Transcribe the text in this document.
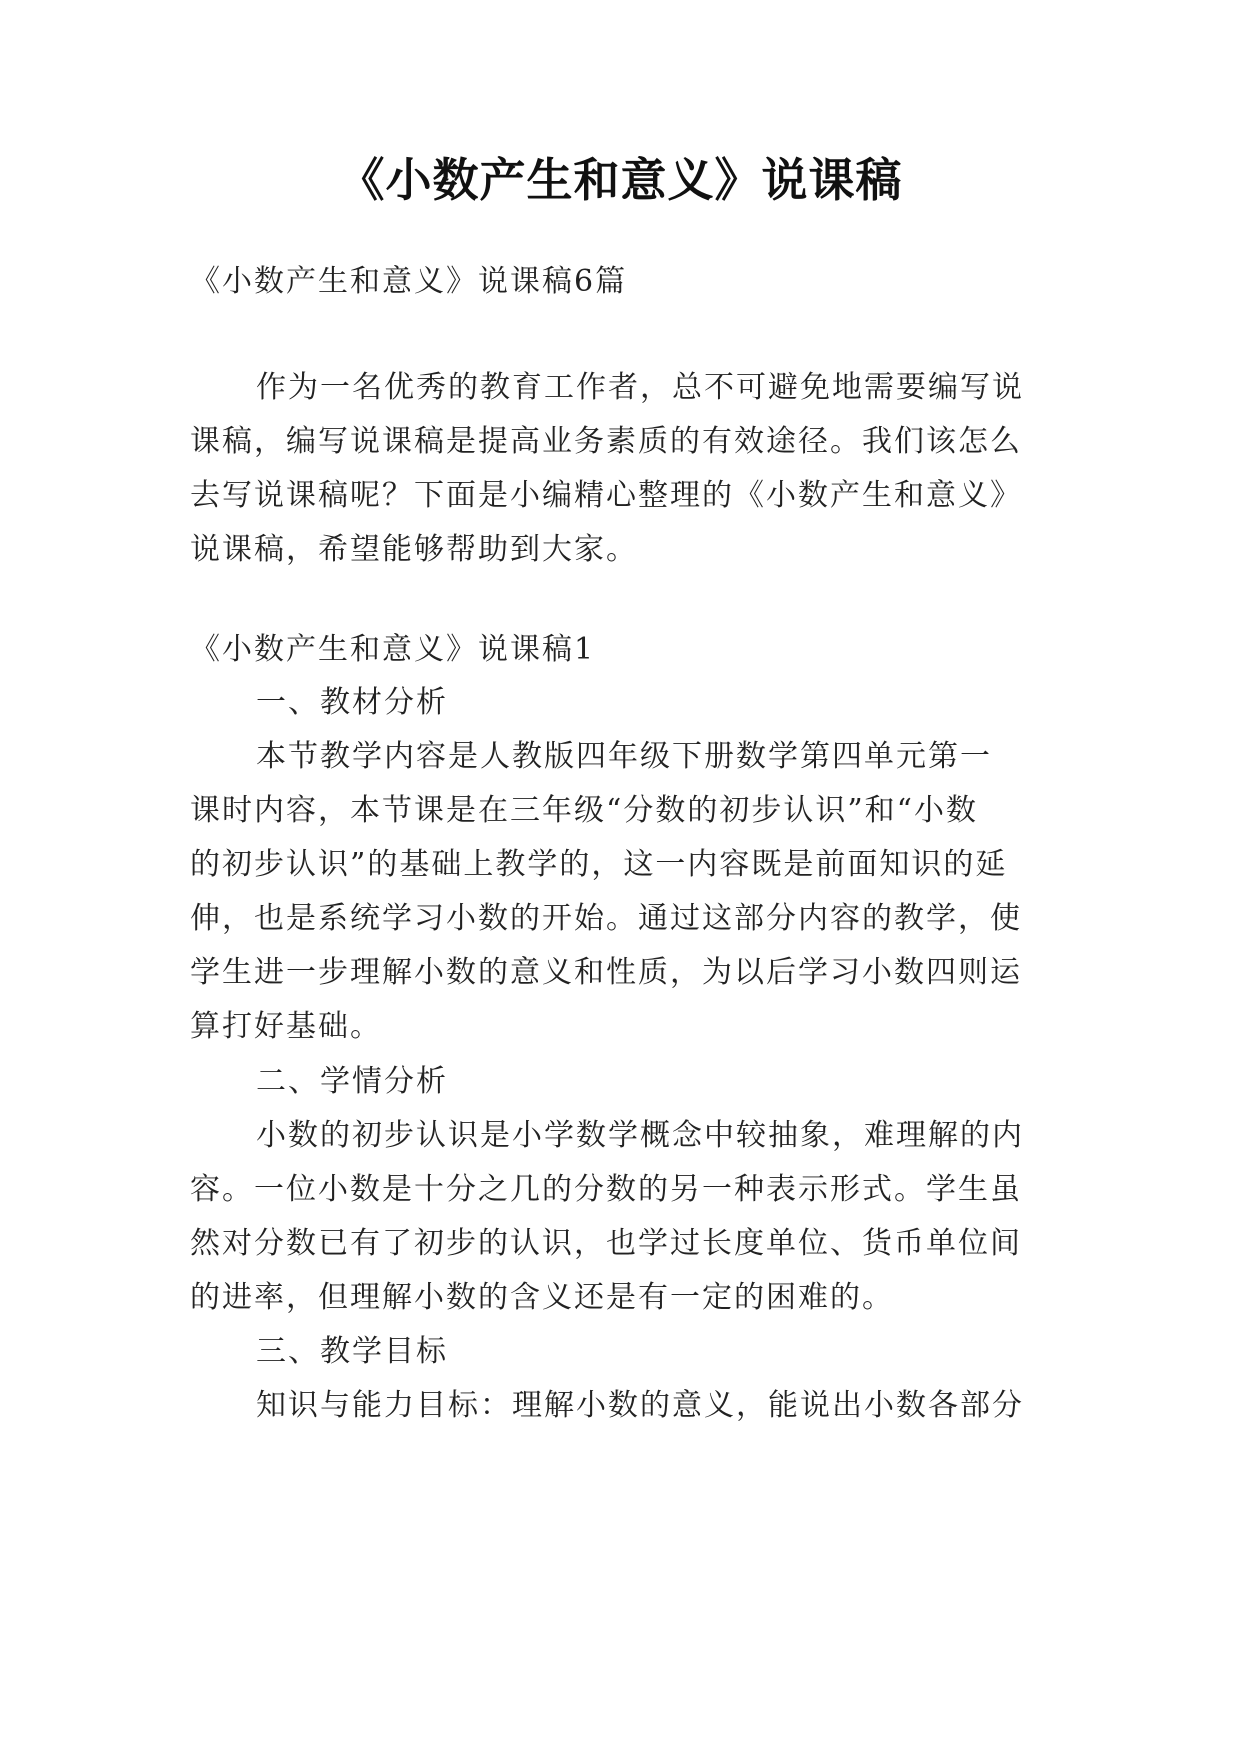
《小数产生和意义》说课稿
《小数产生和意义》说课稿6篇
作为一名优秀的教育工作者，总不可避免地需要编写说
课稿，编写说课稿是提高业务素质的有效途径。我们该怎么
去写说课稿呢？下面是小编精心整理的《小数产生和意义》
说课稿，希望能够帮助到大家。
《小数产生和意义》说课稿1
一、教材分析
本节教学内容是人教版四年级下册数学第四单元第一
课时内容，本节课是在三年级“分数的初步认识”和“小数
的初步认识”的基础上教学的，这一内容既是前面知识的延
伸，也是系统学习小数的开始。通过这部分内容的教学，使
学生进一步理解小数的意义和性质，为以后学习小数四则运
算打好基础。
二、学情分析
小数的初步认识是小学数学概念中较抽象，难理解的内
容。一位小数是十分之几的分数的另一种表示形式。学生虽
然对分数已有了初步的认识，也学过长度单位、货币单位间
的进率，但理解小数的含义还是有一定的困难的。
三、教学目标
知识与能力目标：理解小数的意义，能说出小数各部分
